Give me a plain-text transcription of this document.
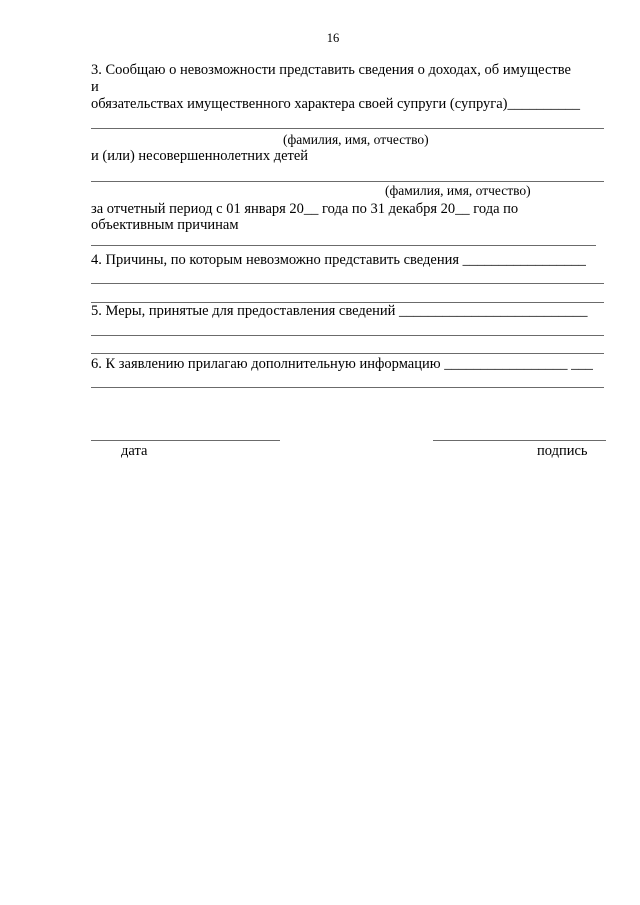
16
3. Сообщаю о невозможности представить сведения о доходах, об имуществе
и
обязательствах имущественного характера своей супруги (супруга)__________
(фамилия, имя, отчество)
и (или) несовершеннолетних детей
(фамилия, имя, отчество)
за отчетный период с 01 января 20__ года по 31 декабря 20__ года по
объективным причинам
4. Причины, по которым невозможно представить сведения _________________
5. Меры, принятые для предоставления сведений __________________________
6. К заявлению прилагаю дополнительную информацию _________________ ___
дата	подпись
